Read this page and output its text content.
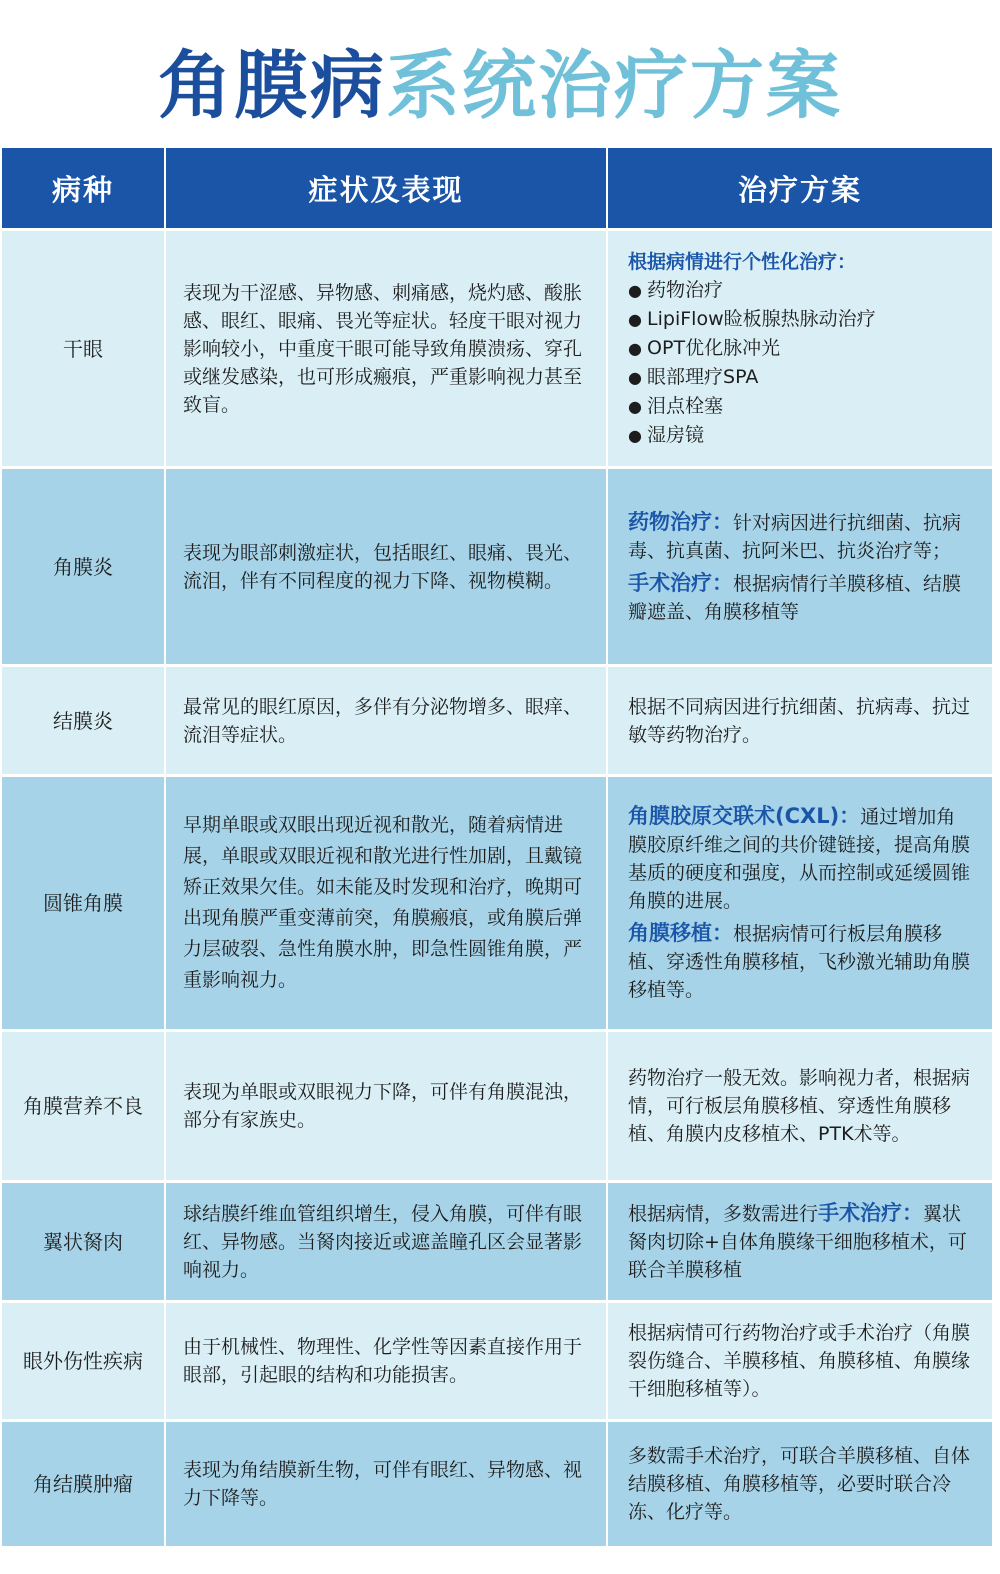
角膜病系统治疗方案
病种	症状及表现	治疗方案
干眼

表现为干涩感、异物感、刺痛感，烧灼感、酸胀感、眼红、眼痛、畏光等症状。轻度干眼对视力影响较小，中重度干眼可能导致角膜溃疡、穿孔或继发感染，也可形成瘢痕，严重影响视力甚至致盲。

根据病情进行个性化治疗：
● 药物治疗
● LipiFlow睑板腺热脉动治疗
● OPT优化脉冲光
● 眼部理疗SPA
● 泪点栓塞
● 湿房镜
角膜炎

表现为眼部刺激症状，包括眼红、眼痛、畏光、流泪，伴有不同程度的视力下降、视物模糊。

药物治疗：针对病因进行抗细菌、抗病毒、抗真菌、抗阿米巴、抗炎治疗等；

手术治疗：根据病情行羊膜移植、结膜瓣遮盖、角膜移植等

结膜炎

最常见的眼红原因，多伴有分泌物增多、眼痒、流泪等症状。

根据不同病因进行抗细菌、抗病毒、抗过敏等药物治疗。

圆锥角膜

早期单眼或双眼出现近视和散光，随着病情进展，单眼或双眼近视和散光进行性加剧，且戴镜矫正效果欠佳。如未能及时发现和治疗，晚期可出现角膜严重变薄前突，角膜瘢痕，或角膜后弹力层破裂、急性角膜水肿，即急性圆锥角膜，严重影响视力。

角膜胶原交联术(CXL)：通过增加角膜胶原纤维之间的共价键链接，提高角膜基质的硬度和强度，从而控制或延缓圆锥角膜的进展。

角膜移植：根据病情可行板层角膜移植、穿透性角膜移植，飞秒激光辅助角膜移植等。

角膜营养不良

表现为单眼或双眼视力下降，可伴有角膜混浊，部分有家族史。

药物治疗一般无效。影响视力者，根据病情，可行板层角膜移植、穿透性角膜移植、角膜内皮移植术、PTK术等。

翼状胬肉

球结膜纤维血管组织增生，侵入角膜，可伴有眼红、异物感。当胬肉接近或遮盖瞳孔区会显著影响视力。

根据病情，多数需进行手术治疗：翼状胬肉切除+自体角膜缘干细胞移植术，可联合羊膜移植

眼外伤性疾病

由于机械性、物理性、化学性等因素直接作用于眼部，引起眼的结构和功能损害。

根据病情可行药物治疗或手术治疗（角膜裂伤缝合、羊膜移植、角膜移植、角膜缘干细胞移植等）。

角结膜肿瘤

表现为角结膜新生物，可伴有眼红、异物感、视力下降等。

多数需手术治疗，可联合羊膜移植、自体结膜移植、角膜移植等，必要时联合冷冻、化疗等。
